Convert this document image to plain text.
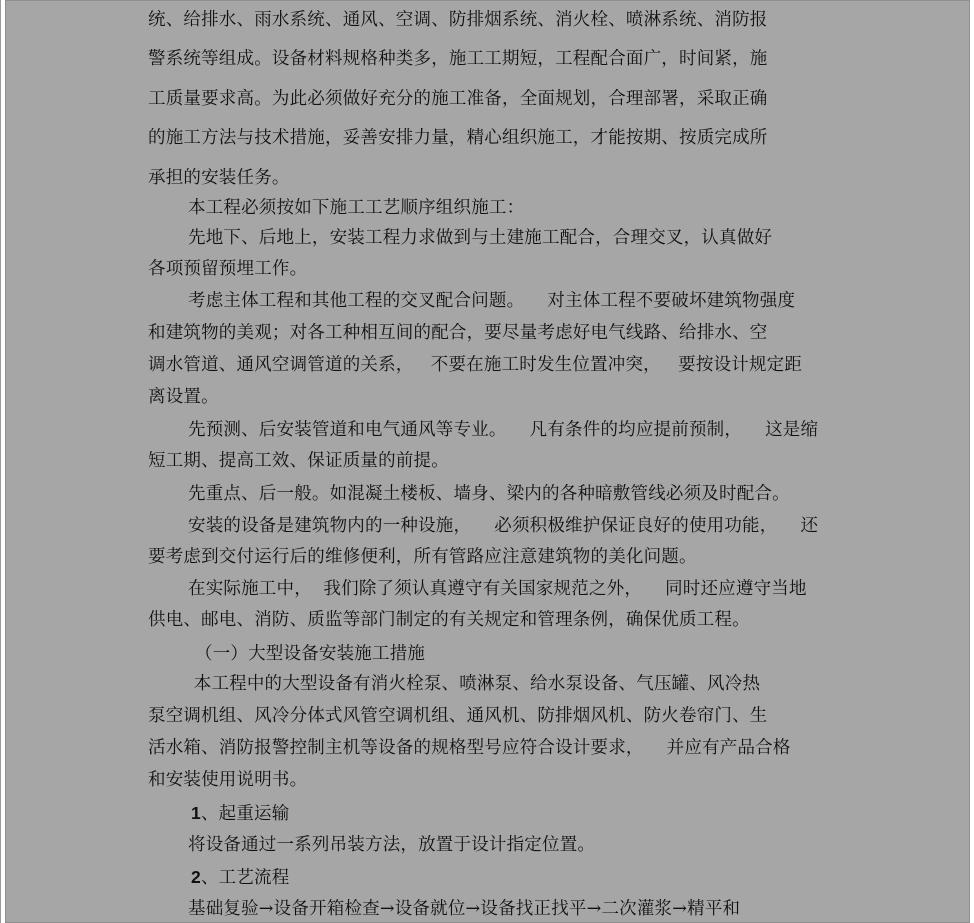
统、给排水、雨水系统、通风、空调、防排烟系统、消火栓、喷淋系统、消防报
警系统等组成。设备材料规格种类多，施工工期短，工程配合面广，时间紧，施
工质量要求高。为此必须做好充分的施工准备，全面规划，合理部署，采取正确
的施工方法与技术措施，妥善安排力量，精心组织施工，才能按期、按质完成所
承担的安装任务。
本工程必须按如下施工工艺顺序组织施工：
先地下、后地上，安装工程力求做到与土建施工配合，合理交叉，认真做好
各项预留预埋工作。
考虑主体工程和其他工程的交叉配合问题。    对主体工程不要破坏建筑物强度
和建筑物的美观；对各工种相互间的配合，要尽量考虑好电气线路、给排水、空
调水管道、通风空调管道的关系，   不要在施工时发生位置冲突，   要按设计规定距
离设置。
先预测、后安装管道和电气通风等专业。    凡有条件的均应提前预制，    这是缩
短工期、提高工效、保证质量的前提。
先重点、后一般。如混凝土楼板、墙身、梁内的各种暗敷管线必须及时配合。
安装的设备是建筑物内的一种设施，    必须积极维护保证良好的使用功能，    还
要考虑到交付运行后的维修便利，所有管路应注意建筑物的美化问题。
在实际施工中，  我们除了须认真遵守有关国家规范之外，    同时还应遵守当地
供电、邮电、消防、质监等部门制定的有关规定和管理条例，确保优质工程。
（一）大型设备安装施工措施
本工程中的大型设备有消火栓泵、喷淋泵、给水泵设备、气压罐、风冷热
泵空调机组、风冷分体式风管空调机组、通风机、防排烟风机、防火卷帘门、生
活水箱、消防报警控制主机等设备的规格型号应符合设计要求，    并应有产品合格
和安装使用说明书。
1、起重运输
将设备通过一系列吊装方法，放置于设计指定位置。
2、工艺流程
基础复验→设备开箱检查→设备就位→设备找正找平→二次灌浆→精平和
